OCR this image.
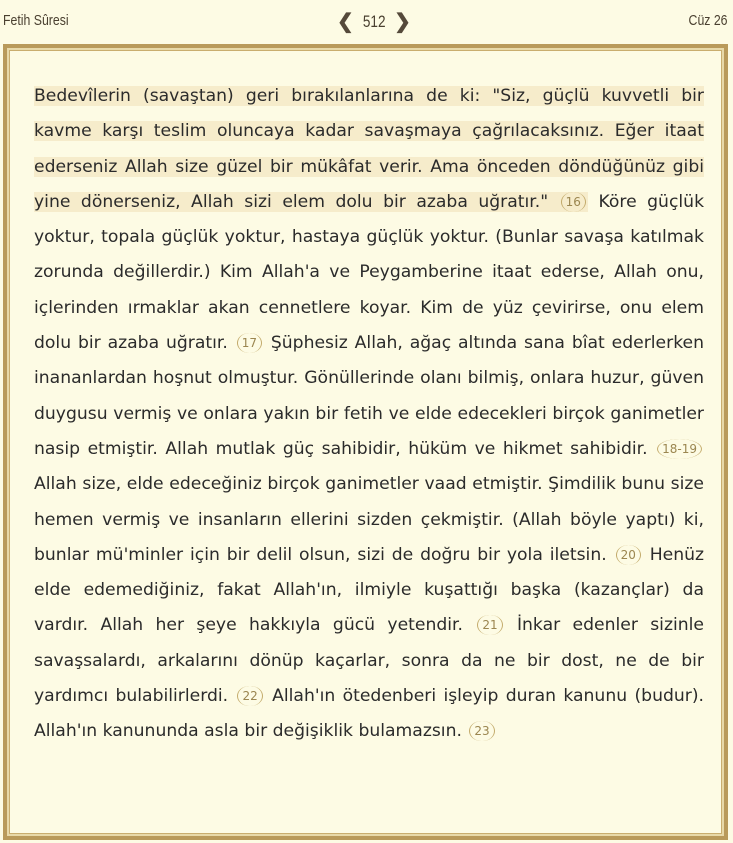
Fetih Sûresi	❮ 512 ❯	Cüz 26
Bedevîlerin (savaştan) geri bırakılanlarına de ki: "Siz, güçlü kuvvetli bir kavme karşı teslim oluncaya kadar savaşmaya çağrılacaksınız. Eğer itaat ederseniz Allah size güzel bir mükâfat verir. Ama önceden döndüğünüz gibi yine dönerseniz, Allah sizi elem dolu bir azaba uğratır." 16 Köre güçlük yoktur, topala güçlük yoktur, hastaya güçlük yoktur. (Bunlar savaşa katılmak zorunda değillerdir.) Kim Allah'a ve Peygamberine itaat ederse, Allah onu, içlerinden ırmaklar akan cennetlere koyar. Kim de yüz çevirirse, onu elem dolu bir azaba uğratır. 17 Şüphesiz Allah, ağaç altında sana bîat ederlerken inananlardan hoşnut olmuştur. Gönüllerinde olanı bilmiş, onlara huzur, güven duygusu vermiş ve onlara yakın bir fetih ve elde edecekleri birçok ganimetler nasip etmiştir. Allah mutlak güç sahibidir, hüküm ve hikmet sahibidir. 18-19 Allah size, elde edeceğiniz birçok ganimetler vaad etmiştir. Şimdilik bunu size hemen vermiş ve insanların ellerini sizden çekmiştir. (Allah böyle yaptı) ki, bunlar mü'minler için bir delil olsun, sizi de doğru bir yola iletsin. 20 Henüz elde edemediğiniz, fakat Allah'ın, ilmiyle kuşattığı başka (kazançlar) da vardır. Allah her şeye hakkıyla gücü yetendir. 21 İnkar edenler sizinle savaşsalardı, arkalarını dönüp kaçarlar, sonra da ne bir dost, ne de bir yardımcı bulabilirlerdi. 22 Allah'ın ötedenberi işleyip duran kanunu (budur). Allah'ın kanununda asla bir değişiklik bulamazsın. 23
